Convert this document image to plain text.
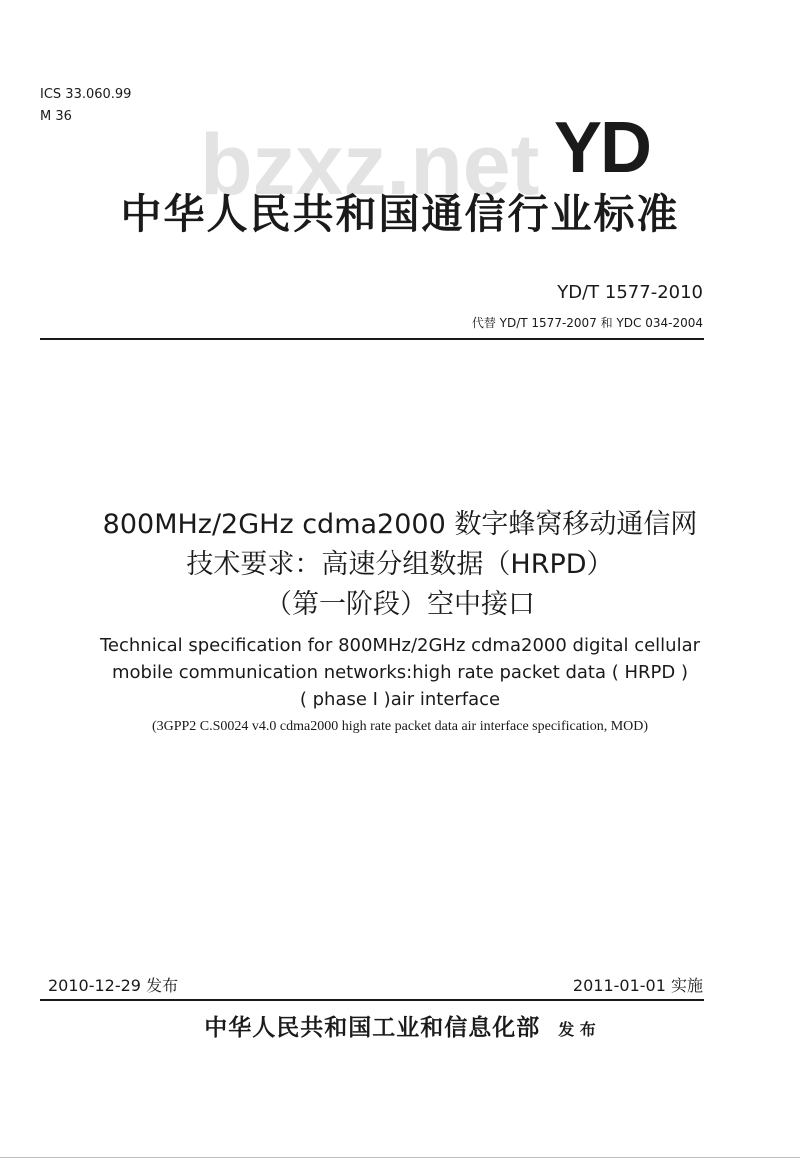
ICS 33.060.99
M 36
bzxz.net YD
中华人民共和国通信行业标准
YD/T 1577-2010
代替 YD/T 1577-2007 和 YDC 034-2004
800MHz/2GHz cdma2000 数字蜂窝移动通信网
技术要求：高速分组数据（HRPD）
（第一阶段）空中接口
Technical specification for 800MHz/2GHz cdma2000 digital cellular
mobile communication networks:high rate packet data ( HRPD )
( phase Ⅰ )air interface
(3GPP2 C.S0024 v4.0 cdma2000 high rate packet data air interface specification, MOD)
2010-12-29 发布	2011-01-01 实施
中华人民共和国工业和信息化部 发 布
